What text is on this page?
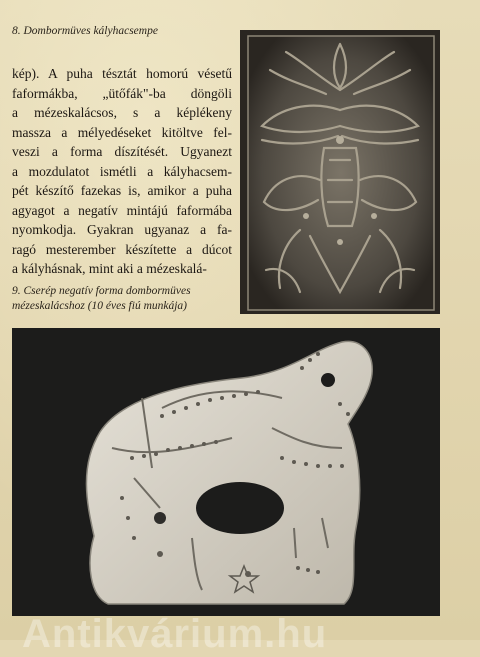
8. Dombormüves kályhacsempe
kép). A puha tésztát homorú vésetű
faformákba, „ütőfák"-ba döngöli
a mézeskalácsos, s a képlékeny
massza a mélyedéseket kitöltve fel-
veszi a forma díszítését. Ugyanezt
a mozdulatot ismétli a kályhacsem-
pét készítő fazekas is, amikor a puha
agyagot a negatív mintájú faformába
nyomkodja. Gyakran ugyanaz a fa-
ragó mesterember készítette a dúcot
a kályhásnak, mint aki a mézeskalá-
9. Cserép negatív forma dombormüves
mézeskalácshoz (10 éves fiú munkája)
Antikvárium.hu
